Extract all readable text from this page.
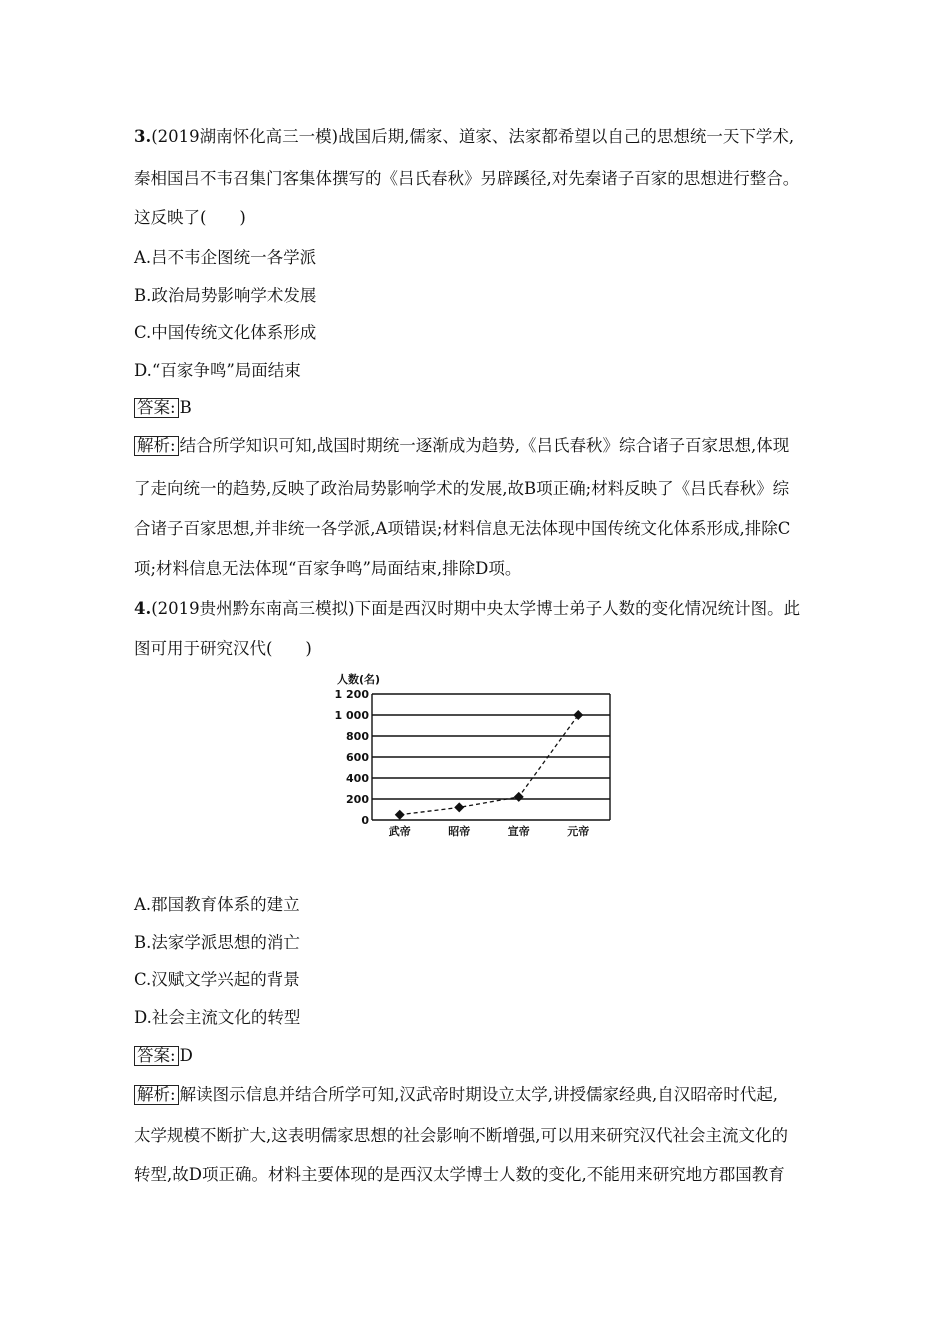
3.(2019湖南怀化高三一模)战国后期,儒家、道家、法家都希望以自己的思想统一天下学术,
秦相国吕不韦召集门客集体撰写的《吕氏春秋》另辟蹊径,对先秦诸子百家的思想进行整合。
这反映了(　　)
A.吕不韦企图统一各学派
B.政治局势影响学术发展
C.中国传统文化体系形成
D.“百家争鸣”局面结束
答案: B
解析: 结合所学知识可知,战国时期统一逐渐成为趋势,《吕氏春秋》综合诸子百家思想,体现
了走向统一的趋势,反映了政治局势影响学术的发展,故B项正确;材料反映了《吕氏春秋》综
合诸子百家思想,并非统一各学派,A项错误;材料信息无法体现中国传统文化体系形成,排除C
项;材料信息无法体现“百家争鸣”局面结束,排除D项。
4.(2019贵州黔东南高三模拟)下面是西汉时期中央太学博士弟子人数的变化情况统计图。此
图可用于研究汉代(　　)
人数(名)
0
200
400
600
800
1 000
1 200
武帝	昭帝	宣帝	元帝
A.郡国教育体系的建立
B.法家学派思想的消亡
C.汉赋文学兴起的背景
D.社会主流文化的转型
答案: D
解析: 解读图示信息并结合所学可知,汉武帝时期设立太学,讲授儒家经典,自汉昭帝时代起,
太学规模不断扩大,这表明儒家思想的社会影响不断增强,可以用来研究汉代社会主流文化的
转型,故D项正确。材料主要体现的是西汉太学博士人数的变化,不能用来研究地方郡国教育
